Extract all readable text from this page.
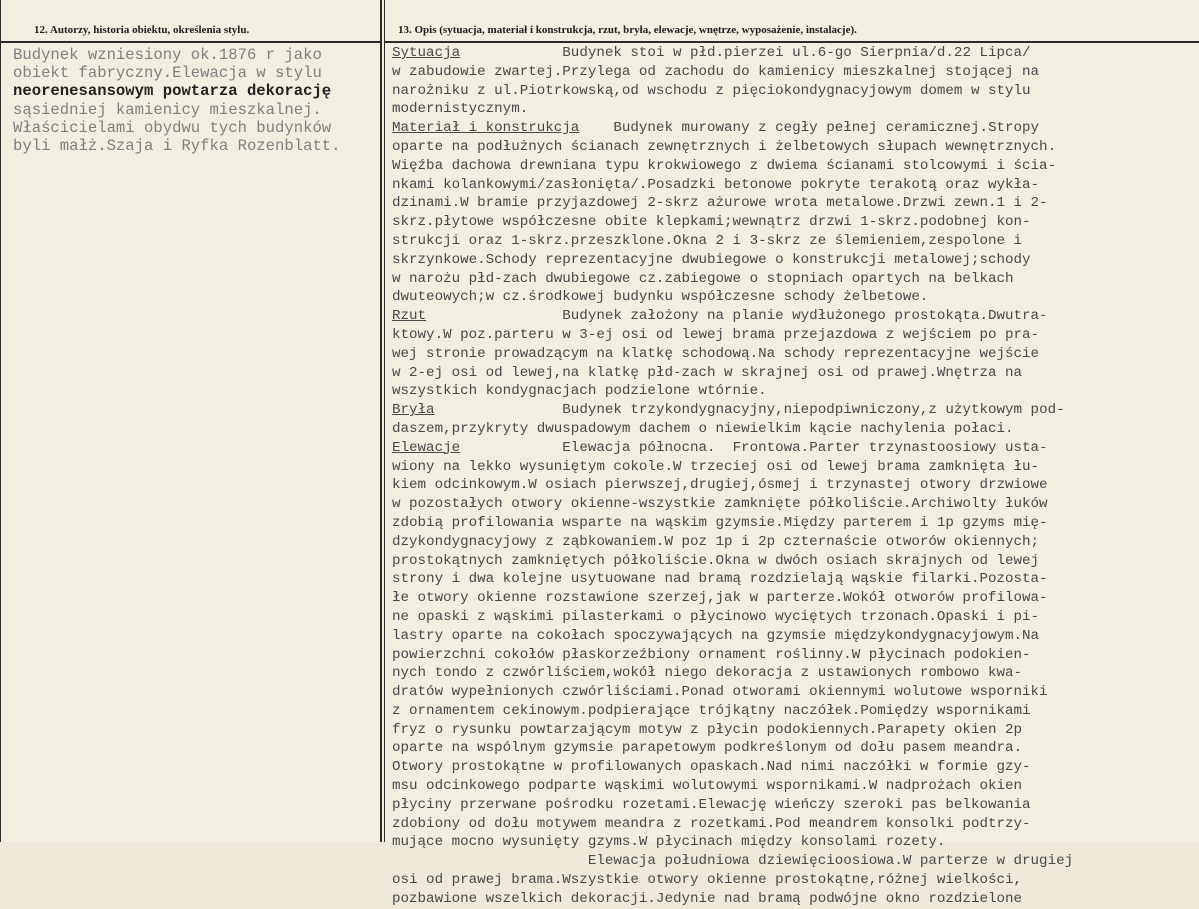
12. Autorzy, historia obiektu, określenia stylu.	13. Opis (sytuacja, materiał i konstrukcja, rzut, bryła, elewacje, wnętrze, wyposażenie, instalacje).
Budynek wzniesiony ok.1876 r jako
obiekt fabryczny.Elewacja w stylu
neorenesansowym powtarza dekorację
sąsiedniej kamienicy mieszkalnej.
Właścicielami obydwu tych budynków
byli małż.Szaja i Ryfka Rozenblatt.
Sytuacja            Budynek stoi w płd.pierzei ul.6-go Sierpnia/d.22 Lipca/
w zabudowie zwartej.Przylega od zachodu do kamienicy mieszkalnej stojącej na
narożniku z ul.Piotrkowską,od wschodu z pięciokondygnacyjowym domem w stylu
modernistycznym.
Materiał i konstrukcja    Budynek murowany z cegły pełnej ceramicznej.Stropy
oparte na podłużnych ścianach zewnętrznych i żelbetowych słupach wewnętrznych.
Więźba dachowa drewniana typu krokwiowego z dwiema ścianami stolcowymi i ścia-
nkami kolankowymi/zasłonięta/.Posadzki betonowe pokryte terakotą oraz wykła-
dzinami.W bramie przyjazdowej 2-skrz ażurowe wrota metalowe.Drzwi zewn.1 i 2-
skrz.płytowe współczesne obite klepkami;wewnątrz drzwi 1-skrz.podobnej kon-
strukcji oraz 1-skrz.przeszklone.Okna 2 i 3-skrz ze ślemieniem,zespolone i
skrzynkowe.Schody reprezentacyjne dwubiegowe o konstrukcji metalowej;schody
w narożu płd-zach dwubiegowe cz.zabiegowe o stopniach opartych na belkach
dwuteowych;w cz.środkowej budynku współczesne schody żelbetowe.
Rzut                Budynek założony na planie wydłużonego prostokąta.Dwutra-
ktowy.W poz.parteru w 3-ej osi od lewej brama przejazdowa z wejściem po pra-
wej stronie prowadzącym na klatkę schodową.Na schody reprezentacyjne wejście
w 2-ej osi od lewej,na klatkę płd-zach w skrajnej osi od prawej.Wnętrza na
wszystkich kondygnacjach podzielone wtórnie.
Bryła               Budynek trzykondygnacyjny,niepodpiwniczony,z użytkowym pod-
daszem,przykryty dwuspadowym dachem o niewielkim kącie nachylenia połaci.
Elewacje            Elewacja północna.  Frontowa.Parter trzynastoosiowy usta-
wiony na lekko wysuniętym cokole.W trzeciej osi od lewej brama zamknięta łu-
kiem odcinkowym.W osiach pierwszej,drugiej,ósmej i trzynastej otwory drzwiowe
w pozostałych otwory okienne-wszystkie zamknięte półkoliście.Archiwolty łuków
zdobią profilowania wsparte na wąskim gzymsie.Między parterem i 1p gzyms mię-
dzykondygnacyjowy z ząbkowaniem.W poz 1p i 2p czternaście otworów okiennych;
prostokątnych zamkniętych półkoliście.Okna w dwóch osiach skrajnych od lewej
strony i dwa kolejne usytuowane nad bramą rozdzielają wąskie filarki.Pozosta-
łe otwory okienne rozstawione szerzej,jak w parterze.Wokół otworów profilowa-
ne opaski z wąskimi pilasterkami o płycinowo wyciętych trzonach.Opaski i pi-
lastry oparte na cokołach spoczywających na gzymsie międzykondygnacyjowym.Na
powierzchni cokołów płaskorzeźbiony ornament roślinny.W płycinach podokien-
nych tondo z czwórliściem,wokół niego dekoracja z ustawionych rombowo kwa-
dratów wypełnionych czwórliściami.Ponad otworami okiennymi wolutowe wsporniki
z ornamentem cekinowym.podpierające trójkątny naczółek.Pomiędzy wspornikami
fryz o rysunku powtarzającym motyw z płycin podokiennych.Parapety okien 2p
oparte na wspólnym gzymsie parapetowym podkreślonym od dołu pasem meandra.
Otwory prostokątne w profilowanych opaskach.Nad nimi naczółki w formie gzy-
msu odcinkowego podparte wąskimi wolutowymi wspornikami.W nadprożach okien
płyciny przerwane pośrodku rozetami.Elewację wieńczy szeroki pas belkowania
zdobiony od dołu motywem meandra z rozetkami.Pod meandrem konsolki podtrzy-
mujące mocno wysunięty gzyms.W płycinach między konsolami rozety.
Elewacja południowa dziewięcioosiowa.W parterze w drugiej
osi od prawej brama.Wszystkie otwory okienne prostokątne,różnej wielkości,
pozbawione wszelkich dekoracji.Jedynie nad bramą podwójne okno rozdzielone
